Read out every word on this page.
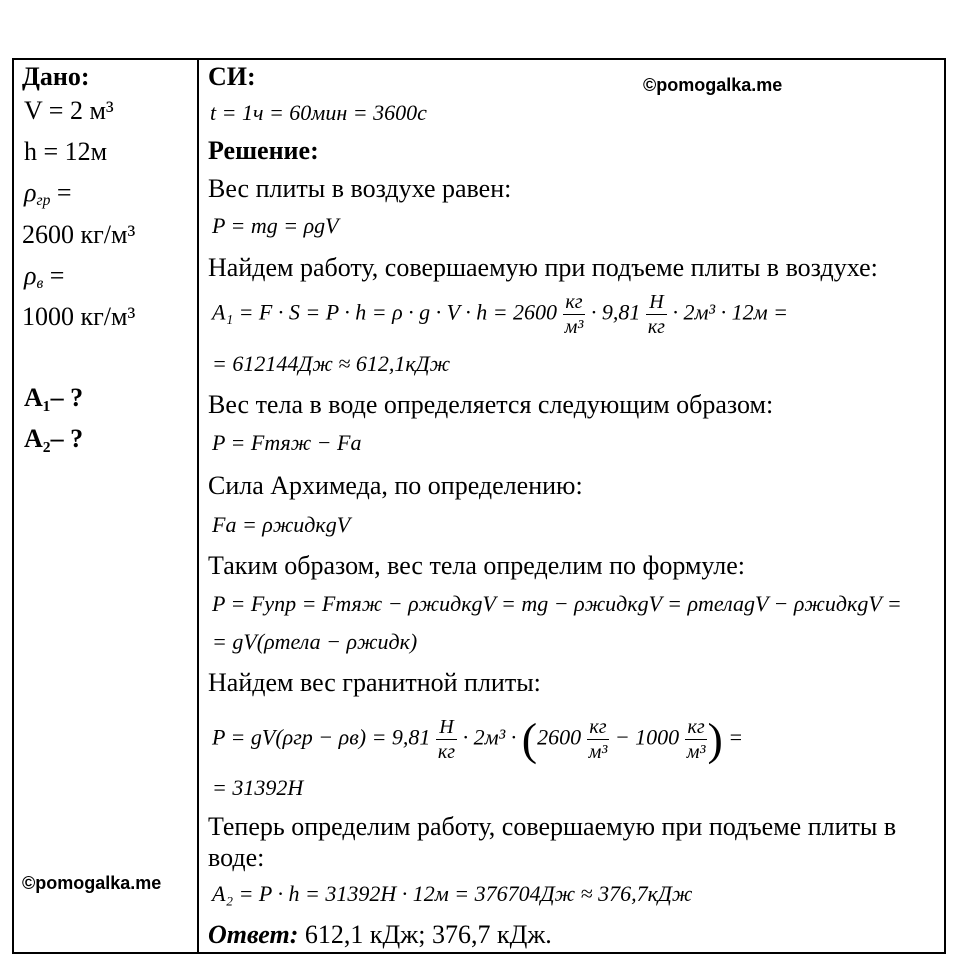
©pomogalka.me
©pomogalka.me
Дано:
V = 2 м³
h = 12м
$\rho_{гр}$ =
2600 кг/м³
$\rho_в$ =
1000 кг/м³
A₁– ?
A₂– ?
СИ:
t = 1ч = 60мин = 3600с
Решение:
Вес плиты в воздухе равен:
P = mg = ρgV
Найдем работу, совершаемую при подъеме плиты в воздухе:
$A_1 = F \cdot S = P \cdot h = \rho \cdot g \cdot V \cdot h = 2600 \frac{кг}{\text{м³}} \cdot 9,81 \frac{Н}{кг} \cdot 2м^3 \cdot 12м$ =
= 612144Дж ≈ 612,1кДж
Вес тела в воде определяется следующим образом:
P = Fтяж − Fа
Сила Архимеда, по определению:
Fа = ρжидкgV
Таким образом, вес тела определим по формуле:
P = Fупр = Fтяж − ρжидкgV = mg − ρжидкgV = ρтелаgV − ρжидкgV =
= gV(ρтела − ρжидк)
Найдем вес гранитной плиты:
$P = gV(\rho гр - \rho в) = 9,81 \frac{Н}{кг} \cdot 2м^3 \cdot (2600 \frac{кг}{\text{м³}} - 1000 \frac{кг}{\text{м³}}$ ) =
= 31392Н
Теперь определим работу, совершаемую при подъеме плиты в
воде:
A₂ = P · h = 31392Н · 12м = 376704Дж ≈ 376,7кДж
Ответ: 612,1 кДж; 376,7 кДж.
